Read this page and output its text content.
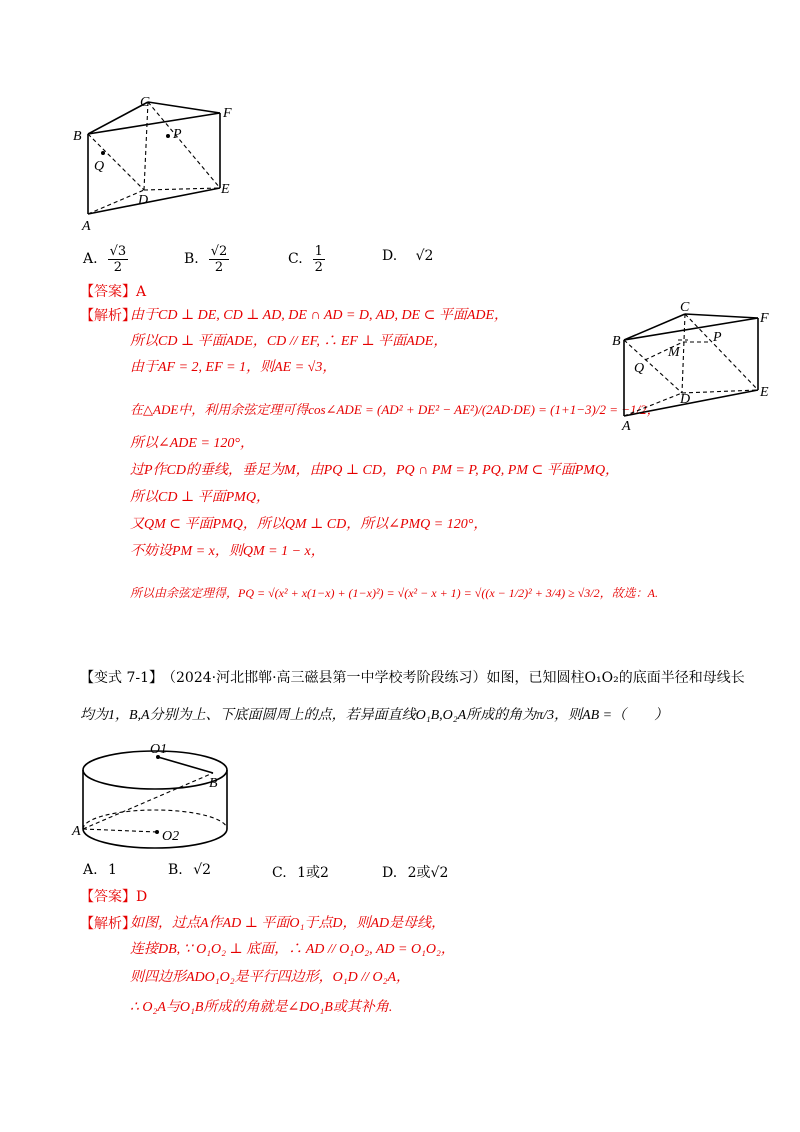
C
F
B	P
Q
D
E
A
A. $\frac{√3}{2}$	B. $\frac{√2}{2}$	C. $\frac{1}{2}$	D. √2
【答案】A
【解析】
由于CD ⊥ DE, CD ⊥ AD, DE ∩ AD = D, AD, DE ⊂ 平面ADE，
所以CD ⊥ 平面ADE，CD // EF, ∴ EF ⊥ 平面ADE，
由于AF = 2, EF = 1，则AE = √3，
在△ADE中，利用余弦定理可得cos∠ADE = (AD² + DE² − AE²)/(2AD·DE) = (1+1−3)/2 = −1/2，
所以∠ADE = 120°，
过P作CD的垂线，垂足为M，由PQ ⊥ CD，PQ ∩ PM = P, PQ, PM ⊂ 平面PMQ，
所以CD ⊥ 平面PMQ，
又QM ⊂ 平面PMQ，所以QM ⊥ CD，所以∠PMQ = 120°，
不妨设PM = x，则QM = 1 − x，
所以由余弦定理得，PQ = √(x² + x(1−x) + (1−x)²) = √(x² − x + 1) = √((x − 1/2)² + 3/4) ≥ √3/2，故选：A.
C
F
B	P
M
Q
D	E
A
【变式 7-1】 （2024·河北邯郸·高三磁县第一中学校考阶段练习）如图，已知圆柱O₁O₂的底面半径和母线长
均为1，B,A分别为上、下底面圆周上的点，若异面直线O₁B,O₂A所成的角为π/3，则AB =（　　）
O1
B
A	O2
A. 1	B. √2	C. 1或2	D. 2或√2
【答案】D
【解析】
如图，过点A作AD ⊥ 平面O₁于点D，则AD是母线，
连接DB, ∵ O₁O₂ ⊥ 底面，∴ AD // O₁O₂, AD = O₁O₂，
则四边形ADO₁O₂是平行四边形，O₁D // O₂A，
∴ O₂A与O₁B所成的角就是∠DO₁B或其补角.
